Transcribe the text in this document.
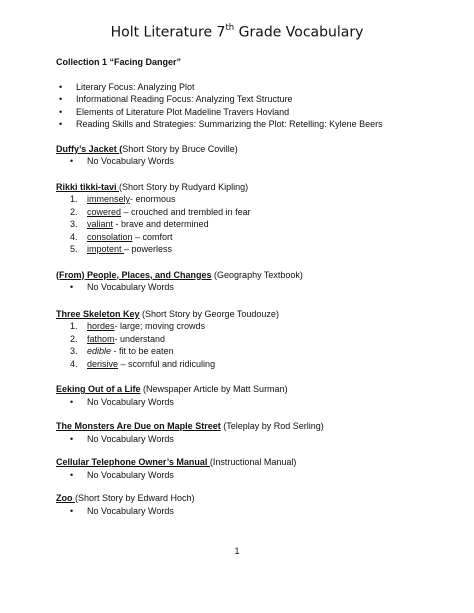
Holt Literature 7th Grade Vocabulary
Collection 1 “Facing Danger”
• Literary Focus: Analyzing Plot
• Informational Reading Focus: Analyzing Text Structure
• Elements of Literature Plot Madeline Travers Hovland
• Reading Skills and Strategies: Summarizing the Plot: Retelling: Kylene Beers

Duffy’s Jacket (Short Story by Bruce Coville)

• No Vocabulary Words

Rikki tikki-tavi (Short Story by Rudyard Kipling)

1. immensely- enormous
2. cowered – crouched and trembled in fear
3. valiant - brave and determined
4. consolation – comfort
5. impotent – powerless

(From) People, Places, and Changes (Geography Textbook)

• No Vocabulary Words

Three Skeleton Key (Short Story by George Toudouze)

1. hordes- large; moving crowds
2. fathom- understand
3. edible - fit to be eaten
4. derisive – scornful and ridiculing

Eeking Out of a Life (Newspaper Article by Matt Surman)

• No Vocabulary Words

The Monsters Are Due on Maple Street (Teleplay by Rod Serling)

• No Vocabulary Words

Cellular Telephone Owner’s Manual (Instructional Manual)

• No Vocabulary Words

Zoo (Short Story by Edward Hoch)

• No Vocabulary Words
1
